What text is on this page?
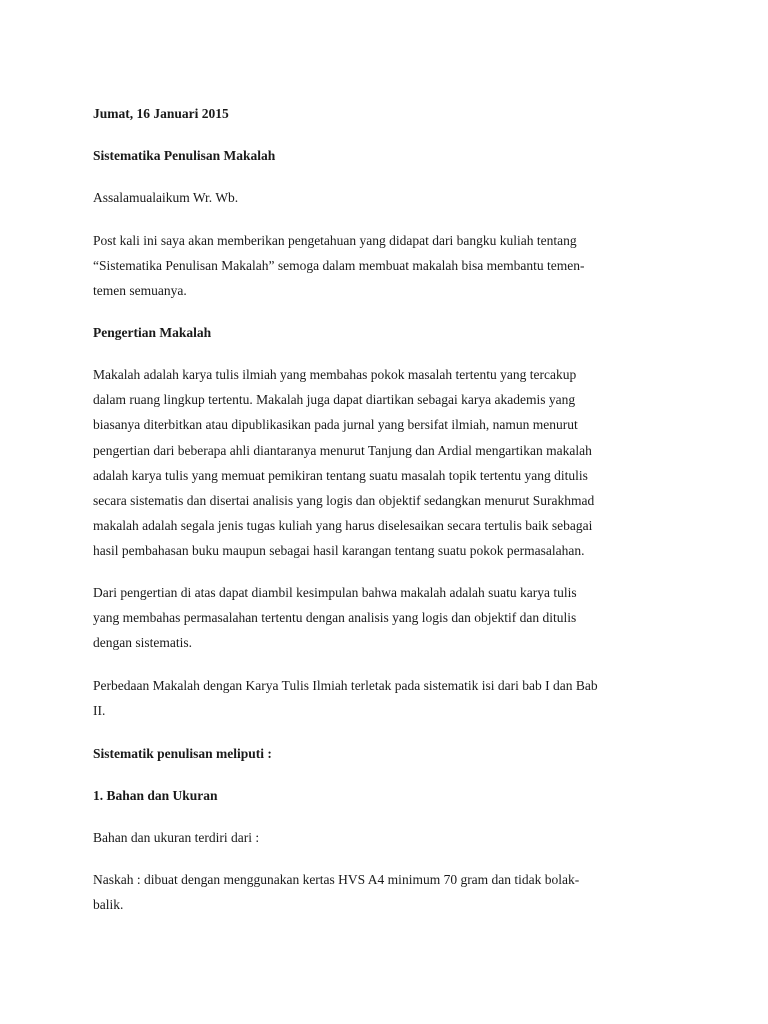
Jumat, 16 Januari 2015

Sistematika Penulisan Makalah

Assalamualaikum Wr. Wb.

Post kali ini saya akan memberikan pengetahuan yang didapat dari bangku kuliah tentang
“Sistematika Penulisan Makalah” semoga dalam membuat makalah bisa membantu temen-
temen semuanya.

Pengertian Makalah

Makalah adalah karya tulis ilmiah yang membahas pokok masalah tertentu yang tercakup
dalam ruang lingkup tertentu. Makalah juga dapat diartikan sebagai karya akademis yang
biasanya diterbitkan atau dipublikasikan pada jurnal yang bersifat ilmiah, namun menurut
pengertian dari beberapa ahli diantaranya menurut Tanjung dan Ardial mengartikan makalah
adalah karya tulis yang memuat pemikiran tentang suatu masalah topik tertentu yang ditulis
secara sistematis dan disertai analisis yang logis dan objektif sedangkan menurut Surakhmad
makalah adalah segala jenis tugas kuliah yang harus diselesaikan secara tertulis baik sebagai
hasil pembahasan buku maupun sebagai hasil karangan tentang suatu pokok permasalahan.
Dari pengertian di atas dapat diambil kesimpulan bahwa makalah adalah suatu karya tulis
yang membahas permasalahan tertentu dengan analisis yang logis dan objektif dan ditulis
dengan sistematis.
Perbedaan Makalah dengan Karya Tulis Ilmiah terletak pada sistematik isi dari bab I dan Bab
II.

Sistematik penulisan meliputi :

1. Bahan dan Ukuran

Bahan dan ukuran terdiri dari :

Naskah : dibuat dengan menggunakan kertas HVS A4 minimum 70 gram dan tidak bolak-
balik.
